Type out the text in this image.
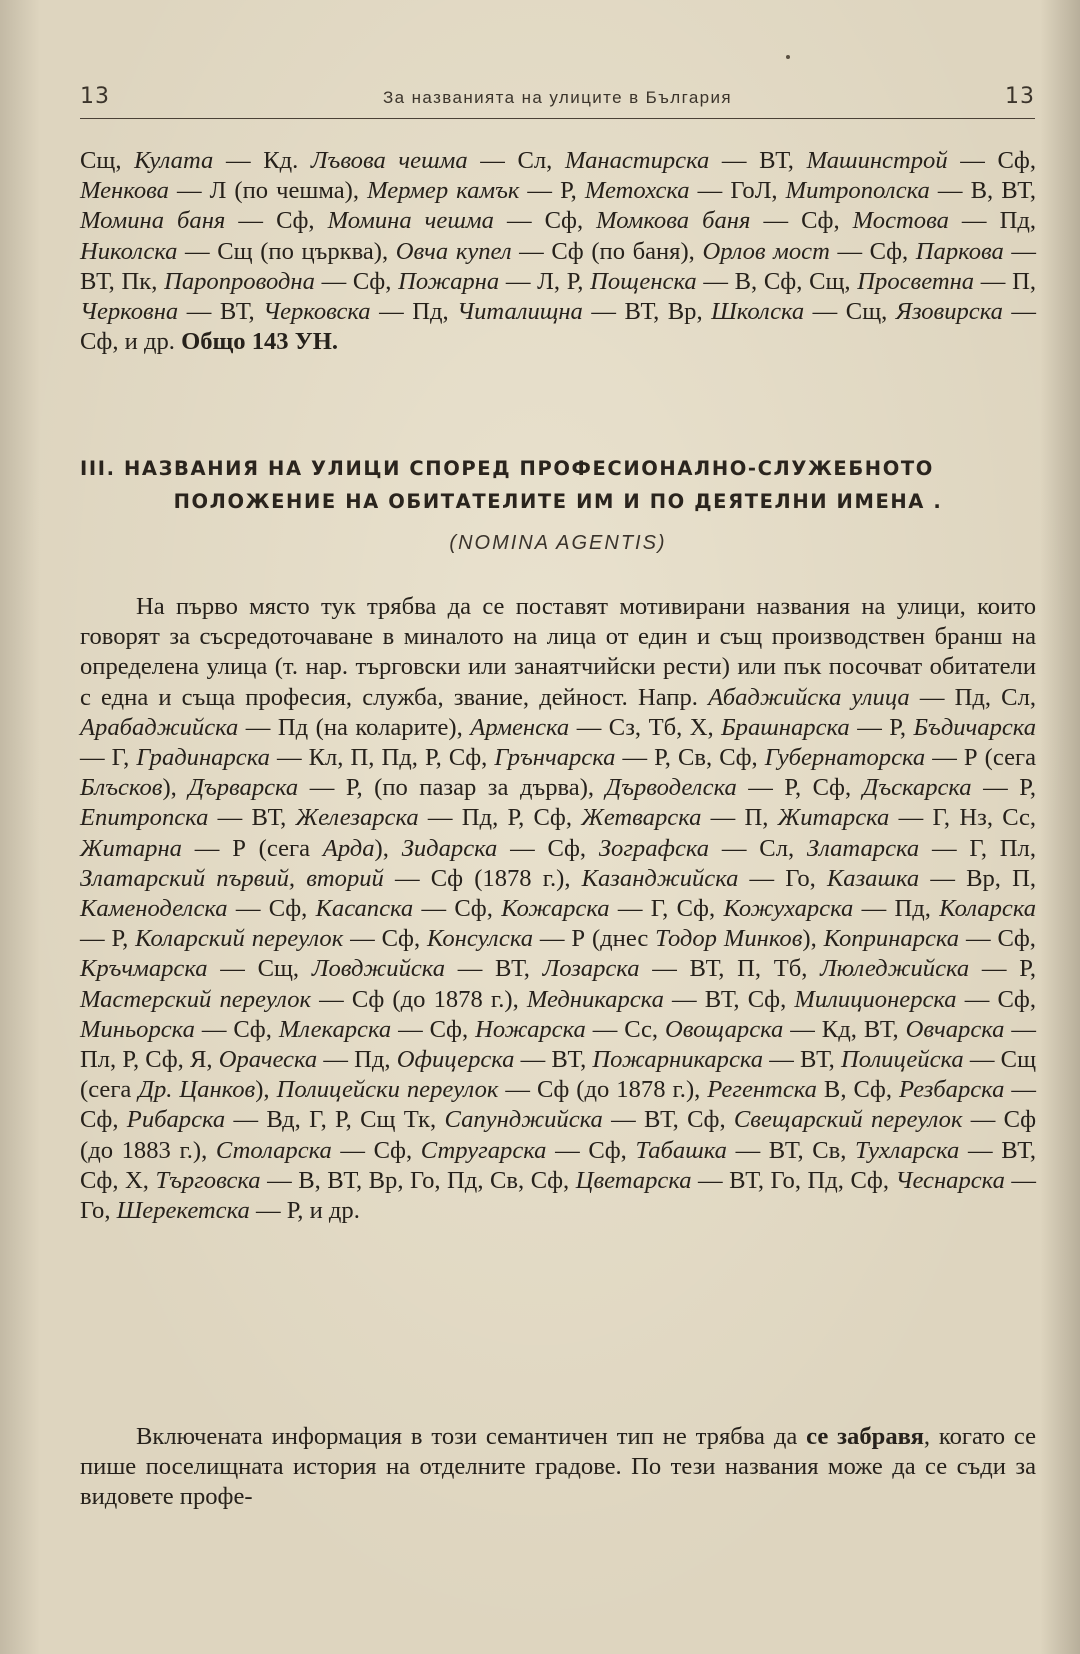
13	За названията на улиците в България	13
Сщ, Кулата — Кд. Лъвова чешма — Сл, Манастирска — ВТ, Машинстрой — Сф, Менкова — Л (по чешма), Мермер камък — Р, Метохска — ГоЛ, Митрополска — В, ВТ, Момина баня — Сф, Момина чешма — Сф, Момкова баня — Сф, Мостова — Пд, Николска — Сщ (по църква), Овча купел — Сф (по баня), Орлов мост — Сф, Паркова — ВТ, Пк, Паропроводна — Сф, Пожарна — Л, Р, Пощенска — В, Сф, Сщ, Просветна — П, Черковна — ВТ, Черковска — Пд, Читалищна — ВТ, Вр, Школска — Сщ, Язовирска — Сф, и др. Общо 143 УН.
III. НАЗВАНИЯ НА УЛИЦИ СПОРЕД ПРОФЕСИОНАЛНО-СЛУЖЕБНОТО
ПОЛОЖЕНИЕ НА ОБИТАТЕЛИТЕ ИМ И ПО ДЕЯТЕЛНИ ИМЕНА .
(NOMINA AGENTIS)
На първо място тук трябва да се поставят мотивирани названия на улици, които говорят за съсредоточаване в миналото на лица от един и същ производствен бранш на определена улица (т. нар. търговски или занаятчийски рести) или пък посочват обитатели с една и съща професия, служба, звание, дейност. Напр. Абаджийска улица — Пд, Сл, Арабаджийска — Пд (на коларите), Арменска — Сз, Тб, Х, Брашнарска — Р, Бъдичарска — Г, Градинарска — Кл, П, Пд, Р, Сф, Грънчарска — Р, Св, Сф, Губернаторска — Р (сега Блъсков), Дърварска — Р, (по пазар за дърва), Дърводелска — Р, Сф, Дъскарска — Р, Епитропска — ВТ, Железарска — Пд, Р, Сф, Жетварска — П, Житарска — Г, Нз, Сс, Житарна — Р (сега Арда), Зидарска — Сф, Зографска — Сл, Златарска — Г, Пл, Златарский първий, вторий — Сф (1878 г.), Казанджийска — Го, Казашка — Вр, П, Каменоделска — Сф, Касапска — Сф, Кожарска — Г, Сф, Кожухарска — Пд, Коларска — Р, Коларский переулок — Сф, Консулска — Р (днес Тодор Минков), Копринарска — Сф, Кръчмарска — Сщ, Ловджийска — ВТ, Лозарска — ВТ, П, Тб, Люледжийска — Р, Мастерский переулок — Сф (до 1878 г.), Медникарска — ВТ, Сф, Милиционерска — Сф, Миньорска — Сф, Млекарска — Сф, Ножарска — Сс, Овощарска — Кд, ВТ, Овчарска — Пл, Р, Сф, Я, Ораческа — Пд, Офицерска — ВТ, Пожарникарска — ВТ, Полицейска — Сщ (сега Др. Цанков), Полицейски переулок — Сф (до 1878 г.), Регентска В, Сф, Резбарска — Сф, Рибарска — Вд, Г, Р, Сщ Тк, Сапунджийска — ВТ, Сф, Свещарский переулок — Сф (до 1883 г.), Столарска — Сф, Стругарска — Сф, Табашка — ВТ, Св, Тухларска — ВТ, Сф, Х, Търговска — В, ВТ, Вр, Го, Пд, Св, Сф, Цветарска — ВТ, Го, Пд, Сф, Чеснарска — Го, Шерекетска — Р, и др.
Включената информация в този семантичен тип не трябва да се забравя, когато се пише поселищната история на отделните градове. По тези названия може да се съди за видовете профе-
